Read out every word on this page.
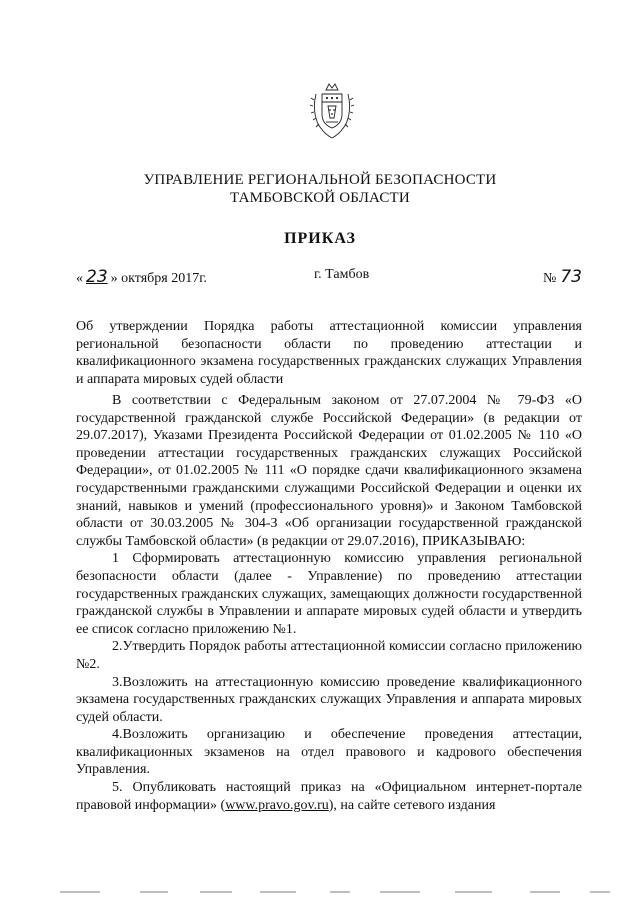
УПРАВЛЕНИЕ РЕГИОНАЛЬНОЙ БЕЗОПАСНОСТИ
ТАМБОВСКОЙ ОБЛАСТИ
ПРИКАЗ
« 23 » октября 2017г.	г. Тамбов	№ 73
Об утверждении Порядка работы аттестационной комиссии управления региональной безопасности области по проведению аттестации и квалификационного экзамена государственных гражданских служащих Управления и аппарата мировых судей области

В соответствии с Федеральным законом от 27.07.2004 № 79-ФЗ «О государственной гражданской службе Российской Федерации» (в редакции от 29.07.2017), Указами Президента Российской Федерации от 01.02.2005 № 110 «О проведении аттестации государственных гражданских служащих Российской Федерации», от 01.02.2005 № 111 «О порядке сдачи квалификационного экзамена государственными гражданскими служащими Российской Федерации и оценки их знаний, навыков и умений (профессионального уровня)» и Законом Тамбовской области от 30.03.2005 № 304-З «Об организации государственной гражданской службы Тамбовской области» (в редакции от 29.07.2016), ПРИКАЗЫВАЮ:

1 Сформировать аттестационную комиссию управления региональной безопасности области (далее - Управление) по проведению аттестации государственных гражданских служащих, замещающих должности государственной гражданской службы в Управлении и аппарате мировых судей области и утвердить ее список согласно приложению №1.

2.Утвердить Порядок работы аттестационной комиссии согласно приложению №2.

3.Возложить на аттестационную комиссию проведение квалификационного экзамена государственных гражданских служащих Управления и аппарата мировых судей области.

4.Возложить организацию и обеспечение проведения аттестации, квалификационных экзаменов на отдел правового и кадрового обеспечения Управления.

5. Опубликовать настоящий приказ на «Официальном интернет-портале правовой информации» (www.pravo.gov.ru), на сайте сетевого издания
